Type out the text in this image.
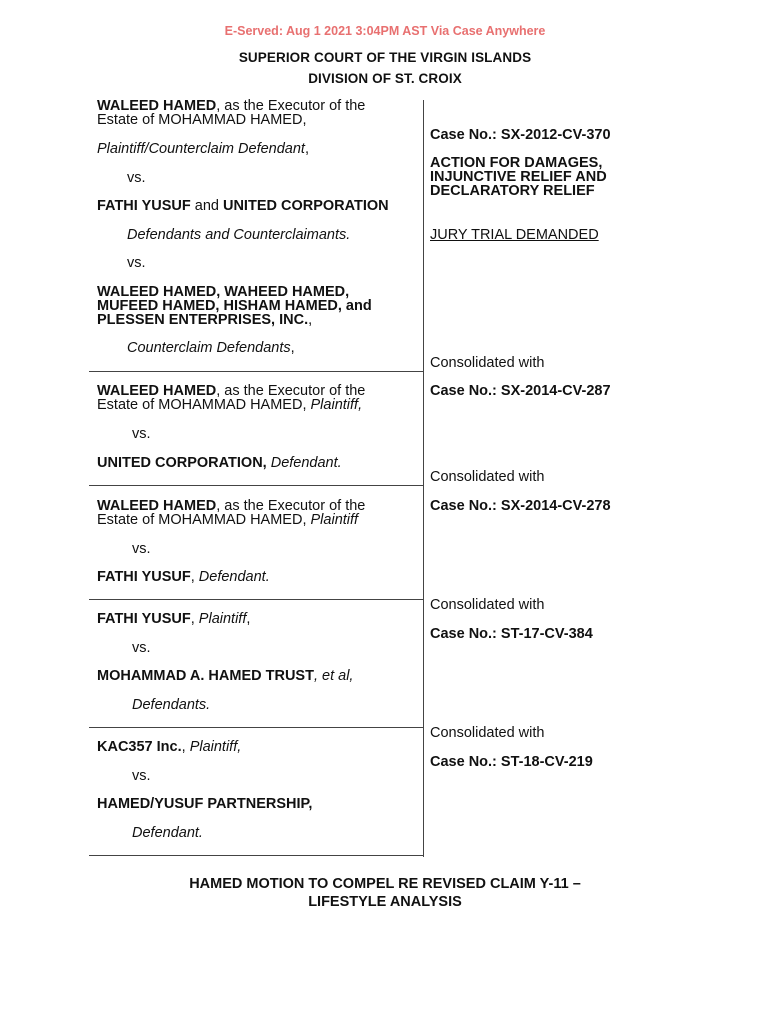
E-Served: Aug 1 2021 3:04PM AST Via Case Anywhere
SUPERIOR COURT OF THE VIRGIN ISLANDS
DIVISION OF ST. CROIX
WALEED HAMED, as the Executor of the
Estate of MOHAMMAD HAMED,
Plaintiff/Counterclaim Defendant,
vs.
FATHI YUSUF and UNITED CORPORATION
Defendants and Counterclaimants.
vs.
WALEED HAMED, WAHEED HAMED,
MUFEED HAMED, HISHAM HAMED, and
PLESSEN ENTERPRISES, INC.,
Counterclaim Defendants,
WALEED HAMED, as the Executor of the
Estate of MOHAMMAD HAMED, Plaintiff,
vs.
UNITED CORPORATION, Defendant.
WALEED HAMED, as the Executor of the
Estate of MOHAMMAD HAMED, Plaintiff
vs.
FATHI YUSUF, Defendant.
FATHI YUSUF, Plaintiff,
vs.
MOHAMMAD A. HAMED TRUST, et al,
Defendants.
KAC357 Inc., Plaintiff,
vs.
HAMED/YUSUF PARTNERSHIP,
Defendant.
Case No.: SX-2012-CV-370
ACTION FOR DAMAGES,
INJUNCTIVE RELIEF AND
DECLARATORY RELIEF
JURY TRIAL DEMANDED
Consolidated with
Case No.: SX-2014-CV-287
Consolidated with
Case No.: SX-2014-CV-278
Consolidated with
Case No.: ST-17-CV-384
Consolidated with
Case No.: ST-18-CV-219
HAMED MOTION TO COMPEL RE REVISED CLAIM Y-11 –
LIFESTYLE ANALYSIS
